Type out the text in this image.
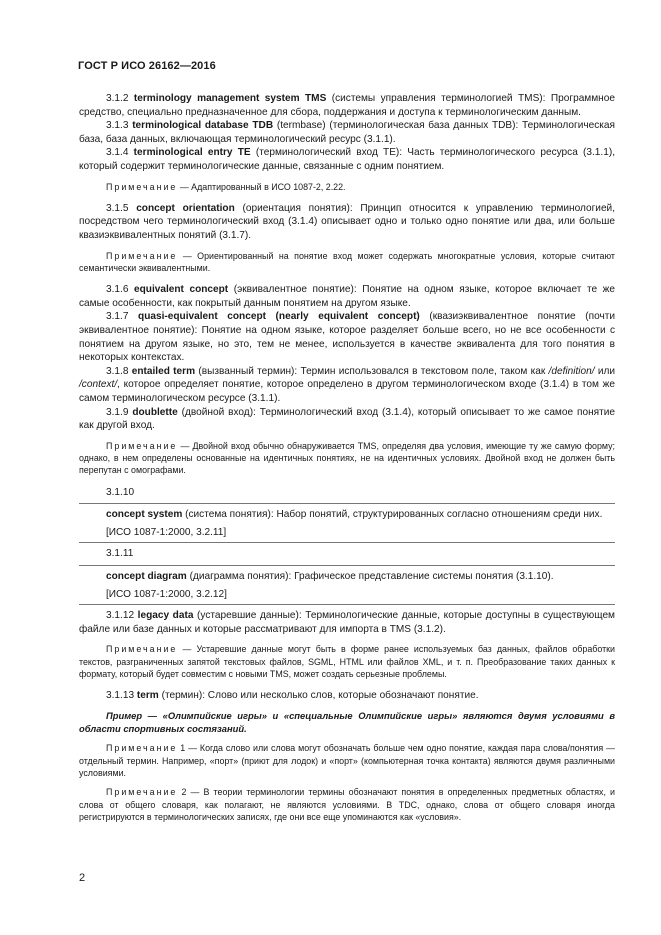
ГОСТ Р ИСО 26162—2016

3.1.2 terminology management system TMS (системы управления терминологией TMS): Программное средство, специально предназначенное для сбора, поддержания и доступа к терминологическим данным.

3.1.3 terminological database TDB (termbase) (терминологическая база данных TDB): Терминологическая база, база данных, включающая терминологический ресурс (3.1.1).

3.1.4 terminological entry TE (терминологический вход TE): Часть терминологического ресурса (3.1.1), который содержит терминологические данные, связанные с одним понятием.

Примечание — Адаптированный в ИСО 1087-2, 2.22.

3.1.5 concept orientation (ориентация понятия): Принцип относится к управлению терминологией, посредством чего терминологический вход (3.1.4) описывает одно и только одно понятие или два, или больше квазиэквивалентных понятий (3.1.7).

Примечание — Ориентированный на понятие вход может содержать многократные условия, которые считают семантически эквивалентными.

3.1.6 equivalent concept (эквивалентное понятие): Понятие на одном языке, которое включает те же самые особенности, как покрытый данным понятием на другом языке.

3.1.7 quasi-equivalent concept (nearly equivalent concept) (квазиэквивалентное понятие (почти эквивалентное понятие): Понятие на одном языке, которое разделяет больше всего, но не все особенности с понятием на другом языке, но это, тем не менее, используется в качестве эквивалента для того понятия в некоторых контекстах.

3.1.8 entailed term (вызванный термин): Термин использовался в текстовом поле, таком как /definition/ или /context/, которое определяет понятие, которое определено в другом терминологическом входе (3.1.4) в том же самом терминологическом ресурсе (3.1.1).

3.1.9 doublette (двойной вход): Терминологический вход (3.1.4), который описывает то же самое понятие как другой вход.

Примечание — Двойной вход обычно обнаруживается TMS, определяя два условия, имеющие ту же самую форму; однако, в нем определены основанные на идентичных понятиях, не на идентичных условиях. Двойной вход не должен быть перепутан с омографами.

3.1.10

concept system (система понятия): Набор понятий, структурированных согласно отношениям среди них.

[ИСО 1087-1:2000, 3.2.11]

3.1.11

concept diagram (диаграмма понятия): Графическое представление системы понятия (3.1.10).

[ИСО 1087-1:2000, 3.2.12]

3.1.12 legacy data (устаревшие данные): Терминологические данные, которые доступны в существующем файле или базе данных и которые рассматривают для импорта в TMS (3.1.2).

Примечание — Устаревшие данные могут быть в форме ранее используемых баз данных, файлов обработки текстов, разграниченных запятой текстовых файлов, SGML, HTML или файлов XML, и т. п. Преобразование таких данных к формату, который будет совместим с новыми TMS, может создать серьезные проблемы.

3.1.13 term (термин): Слово или несколько слов, которые обозначают понятие.

Пример — «Олимпийские игры» и «специальные Олимпийские игры» являются двумя условиями в области спортивных состязаний.

Примечание 1 — Когда слово или слова могут обозначать больше чем одно понятие, каждая пара слова/понятия — отдельный термин. Например, «порт» (приют для лодок) и «порт» (компьютерная точка контакта) являются двумя различными условиями.

Примечание 2 — В теории терминологии термины обозначают понятия в определенных предметных областях, и слова от общего словаря, как полагают, не являются условиями. В TDC, однако, слова от общего словаря иногда регистрируются в терминологических записях, где они все еще упоминаются как «условия».

2
